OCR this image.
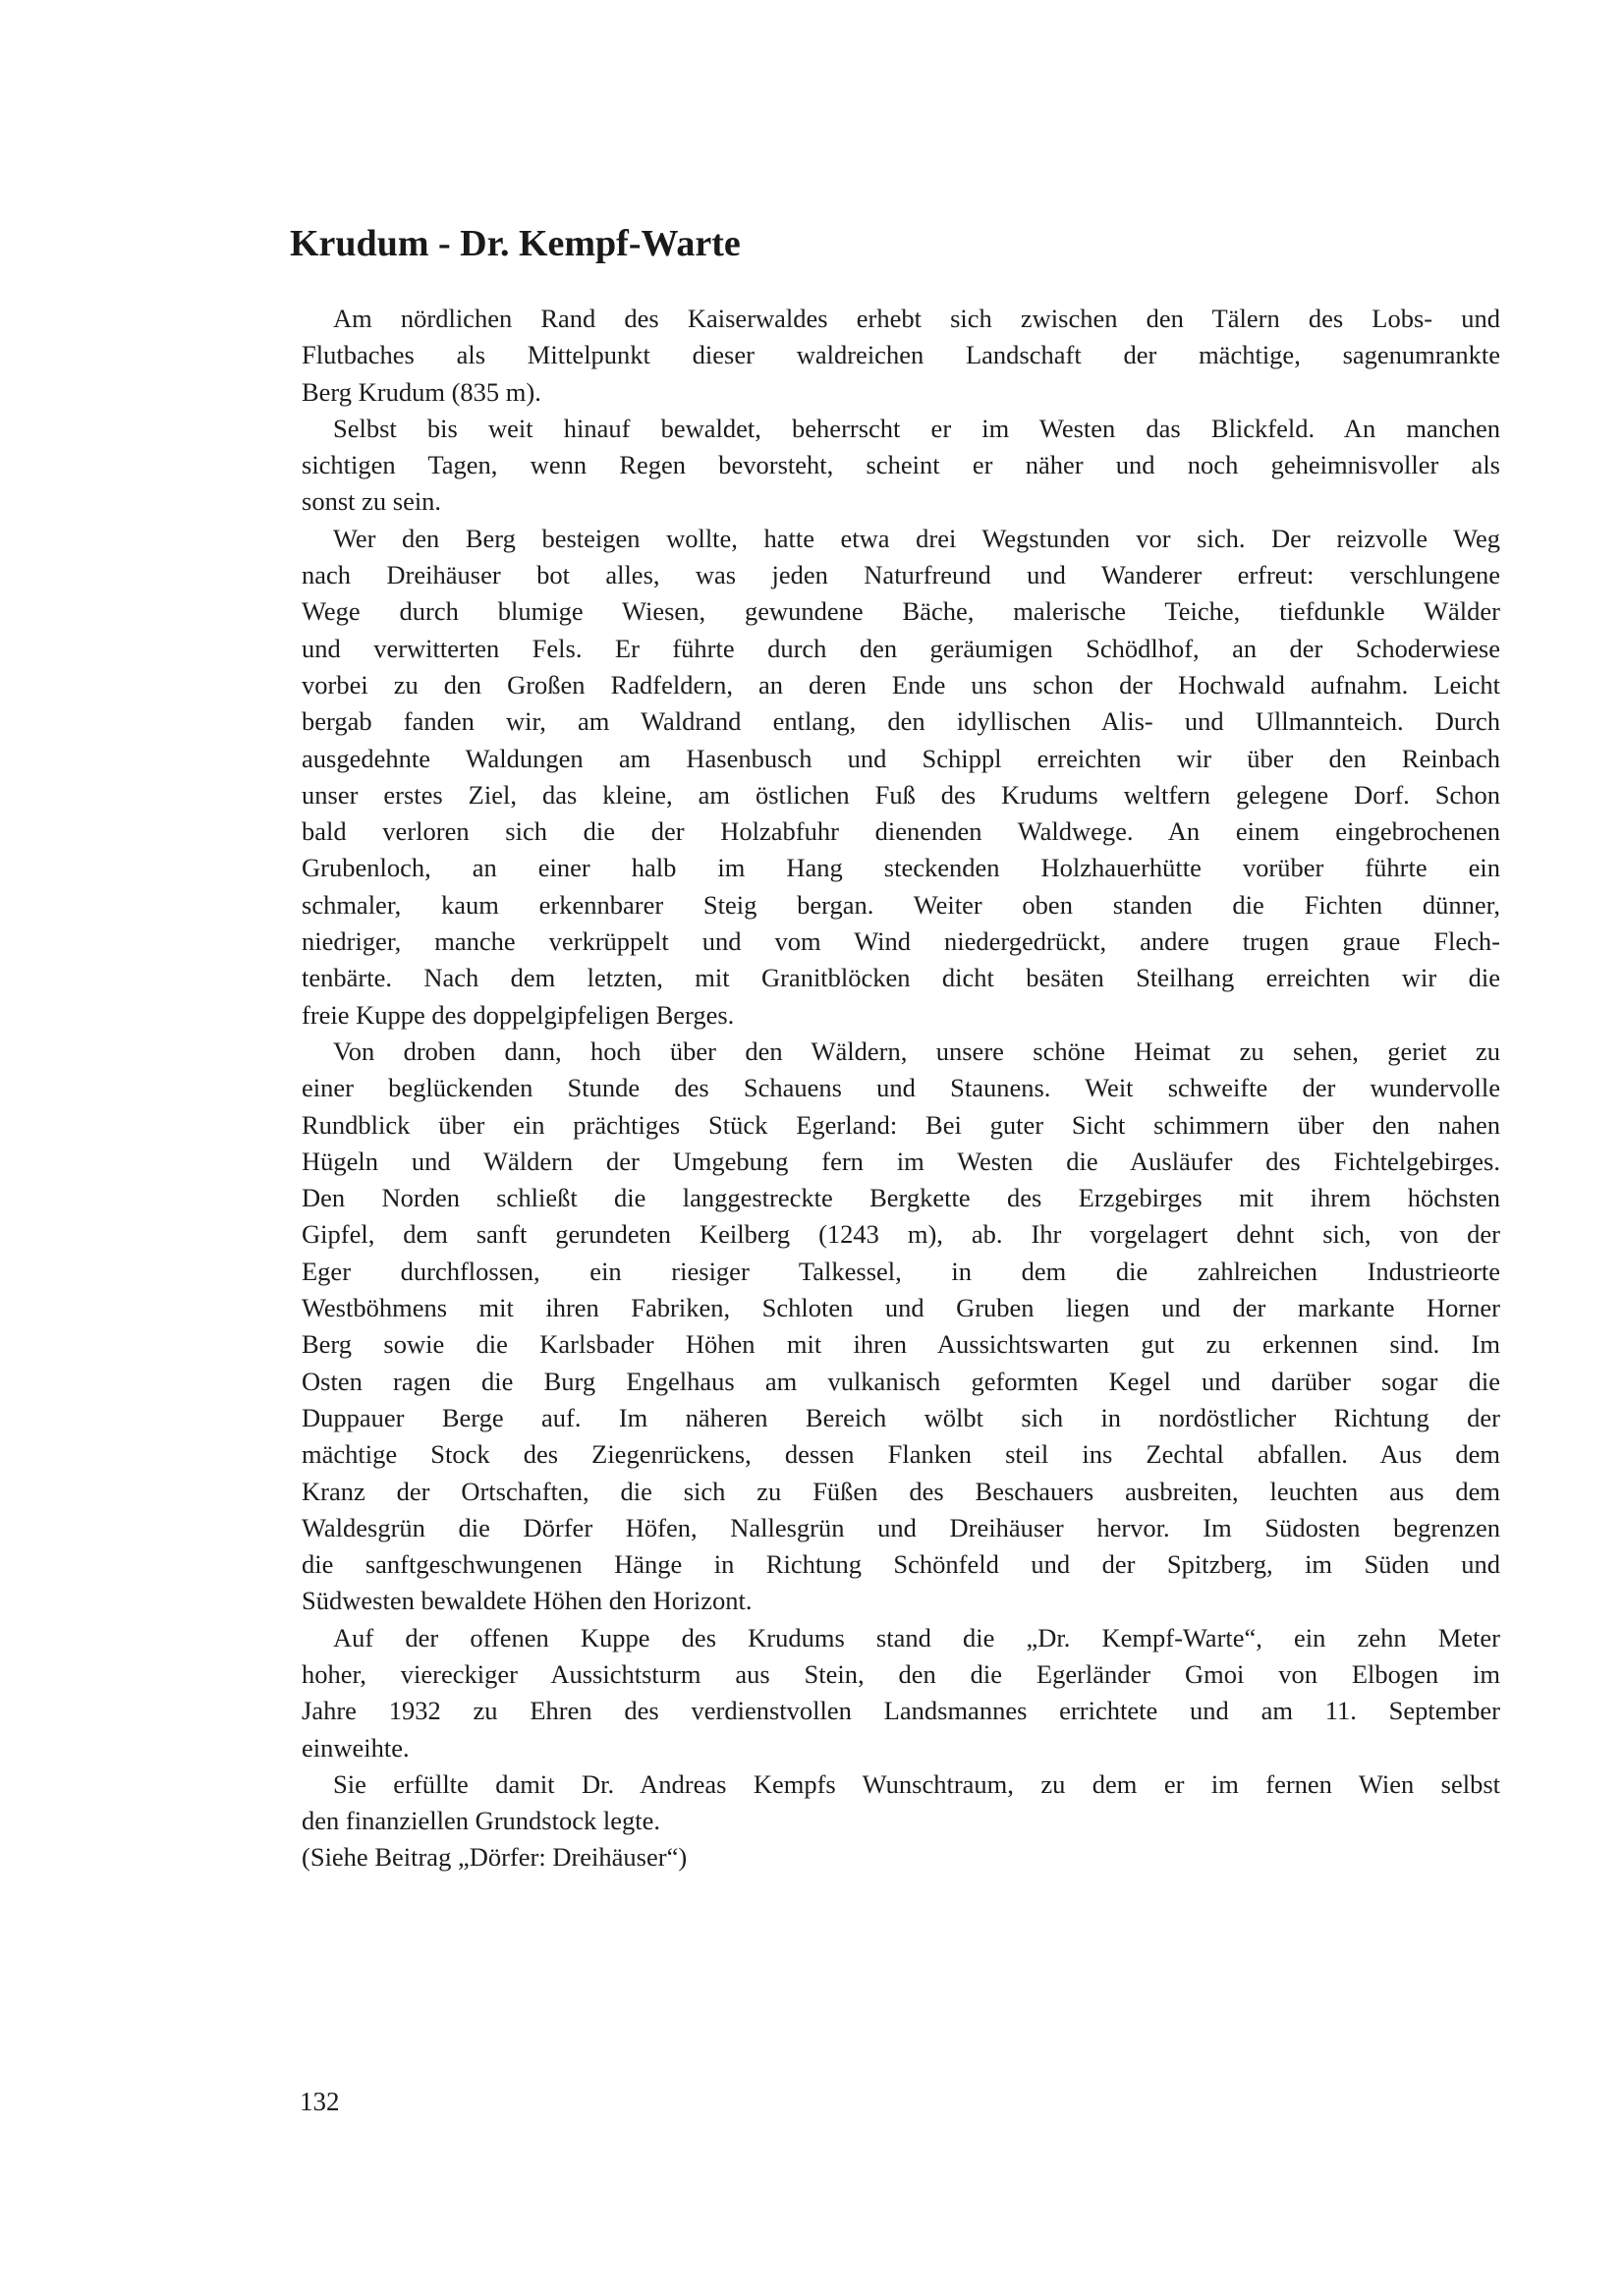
Krudum - Dr. Kempf-Warte
Am nördlichen Rand des Kaiserwaldes erhebt sich zwischen den Tälern des Lobs- und
Flutbaches als Mittelpunkt dieser waldreichen Landschaft der mächtige, sagenumrankte
Berg Krudum (835 m).
Selbst bis weit hinauf bewaldet, beherrscht er im Westen das Blickfeld. An manchen
sichtigen Tagen, wenn Regen bevorsteht, scheint er näher und noch geheimnisvoller als
sonst zu sein.
Wer den Berg besteigen wollte, hatte etwa drei Wegstunden vor sich. Der reizvolle Weg
nach Dreihäuser bot alles, was jeden Naturfreund und Wanderer erfreut: verschlungene
Wege durch blumige Wiesen, gewundene Bäche, malerische Teiche, tiefdunkle Wälder
und verwitterten Fels. Er führte durch den geräumigen Schödlhof, an der Schoderwiese
vorbei zu den Großen Radfeldern, an deren Ende uns schon der Hochwald aufnahm. Leicht
bergab fanden wir, am Waldrand entlang, den idyllischen Alis- und Ullmannteich. Durch
ausgedehnte Waldungen am Hasenbusch und Schippl erreichten wir über den Reinbach
unser erstes Ziel, das kleine, am östlichen Fuß des Krudums weltfern gelegene Dorf. Schon
bald verloren sich die der Holzabfuhr dienenden Waldwege. An einem eingebrochenen
Grubenloch, an einer halb im Hang steckenden Holzhauerhütte vorüber führte ein
schmaler, kaum erkennbarer Steig bergan. Weiter oben standen die Fichten dünner,
niedriger, manche verkrüppelt und vom Wind niedergedrückt, andere trugen graue Flech-
tenbärte. Nach dem letzten, mit Granitblöcken dicht besäten Steilhang erreichten wir die
freie Kuppe des doppelgipfeligen Berges.
Von droben dann, hoch über den Wäldern, unsere schöne Heimat zu sehen, geriet zu
einer beglückenden Stunde des Schauens und Staunens. Weit schweifte der wundervolle
Rundblick über ein prächtiges Stück Egerland: Bei guter Sicht schimmern über den nahen
Hügeln und Wäldern der Umgebung fern im Westen die Ausläufer des Fichtelgebirges.
Den Norden schließt die langgestreckte Bergkette des Erzgebirges mit ihrem höchsten
Gipfel, dem sanft gerundeten Keilberg (1243 m), ab. Ihr vorgelagert dehnt sich, von der
Eger durchflossen, ein riesiger Talkessel, in dem die zahlreichen Industrieorte
Westböhmens mit ihren Fabriken, Schloten und Gruben liegen und der markante Horner
Berg sowie die Karlsbader Höhen mit ihren Aussichtswarten gut zu erkennen sind. Im
Osten ragen die Burg Engelhaus am vulkanisch geformten Kegel und darüber sogar die
Duppauer Berge auf. Im näheren Bereich wölbt sich in nordöstlicher Richtung der
mächtige Stock des Ziegenrückens, dessen Flanken steil ins Zechtal abfallen. Aus dem
Kranz der Ortschaften, die sich zu Füßen des Beschauers ausbreiten, leuchten aus dem
Waldesgrün die Dörfer Höfen, Nallesgrün und Dreihäuser hervor. Im Südosten begrenzen
die sanftgeschwungenen Hänge in Richtung Schönfeld und der Spitzberg, im Süden und
Südwesten bewaldete Höhen den Horizont.
Auf der offenen Kuppe des Krudums stand die „Dr. Kempf-Warte“, ein zehn Meter
hoher, viereckiger Aussichtsturm aus Stein, den die Egerländer Gmoi von Elbogen im
Jahre 1932 zu Ehren des verdienstvollen Landsmannes errichtete und am 11. September
einweihte.
Sie erfüllte damit Dr. Andreas Kempfs Wunschtraum, zu dem er im fernen Wien selbst
den finanziellen Grundstock legte.
(Siehe Beitrag „Dörfer: Dreihäuser“)
132
